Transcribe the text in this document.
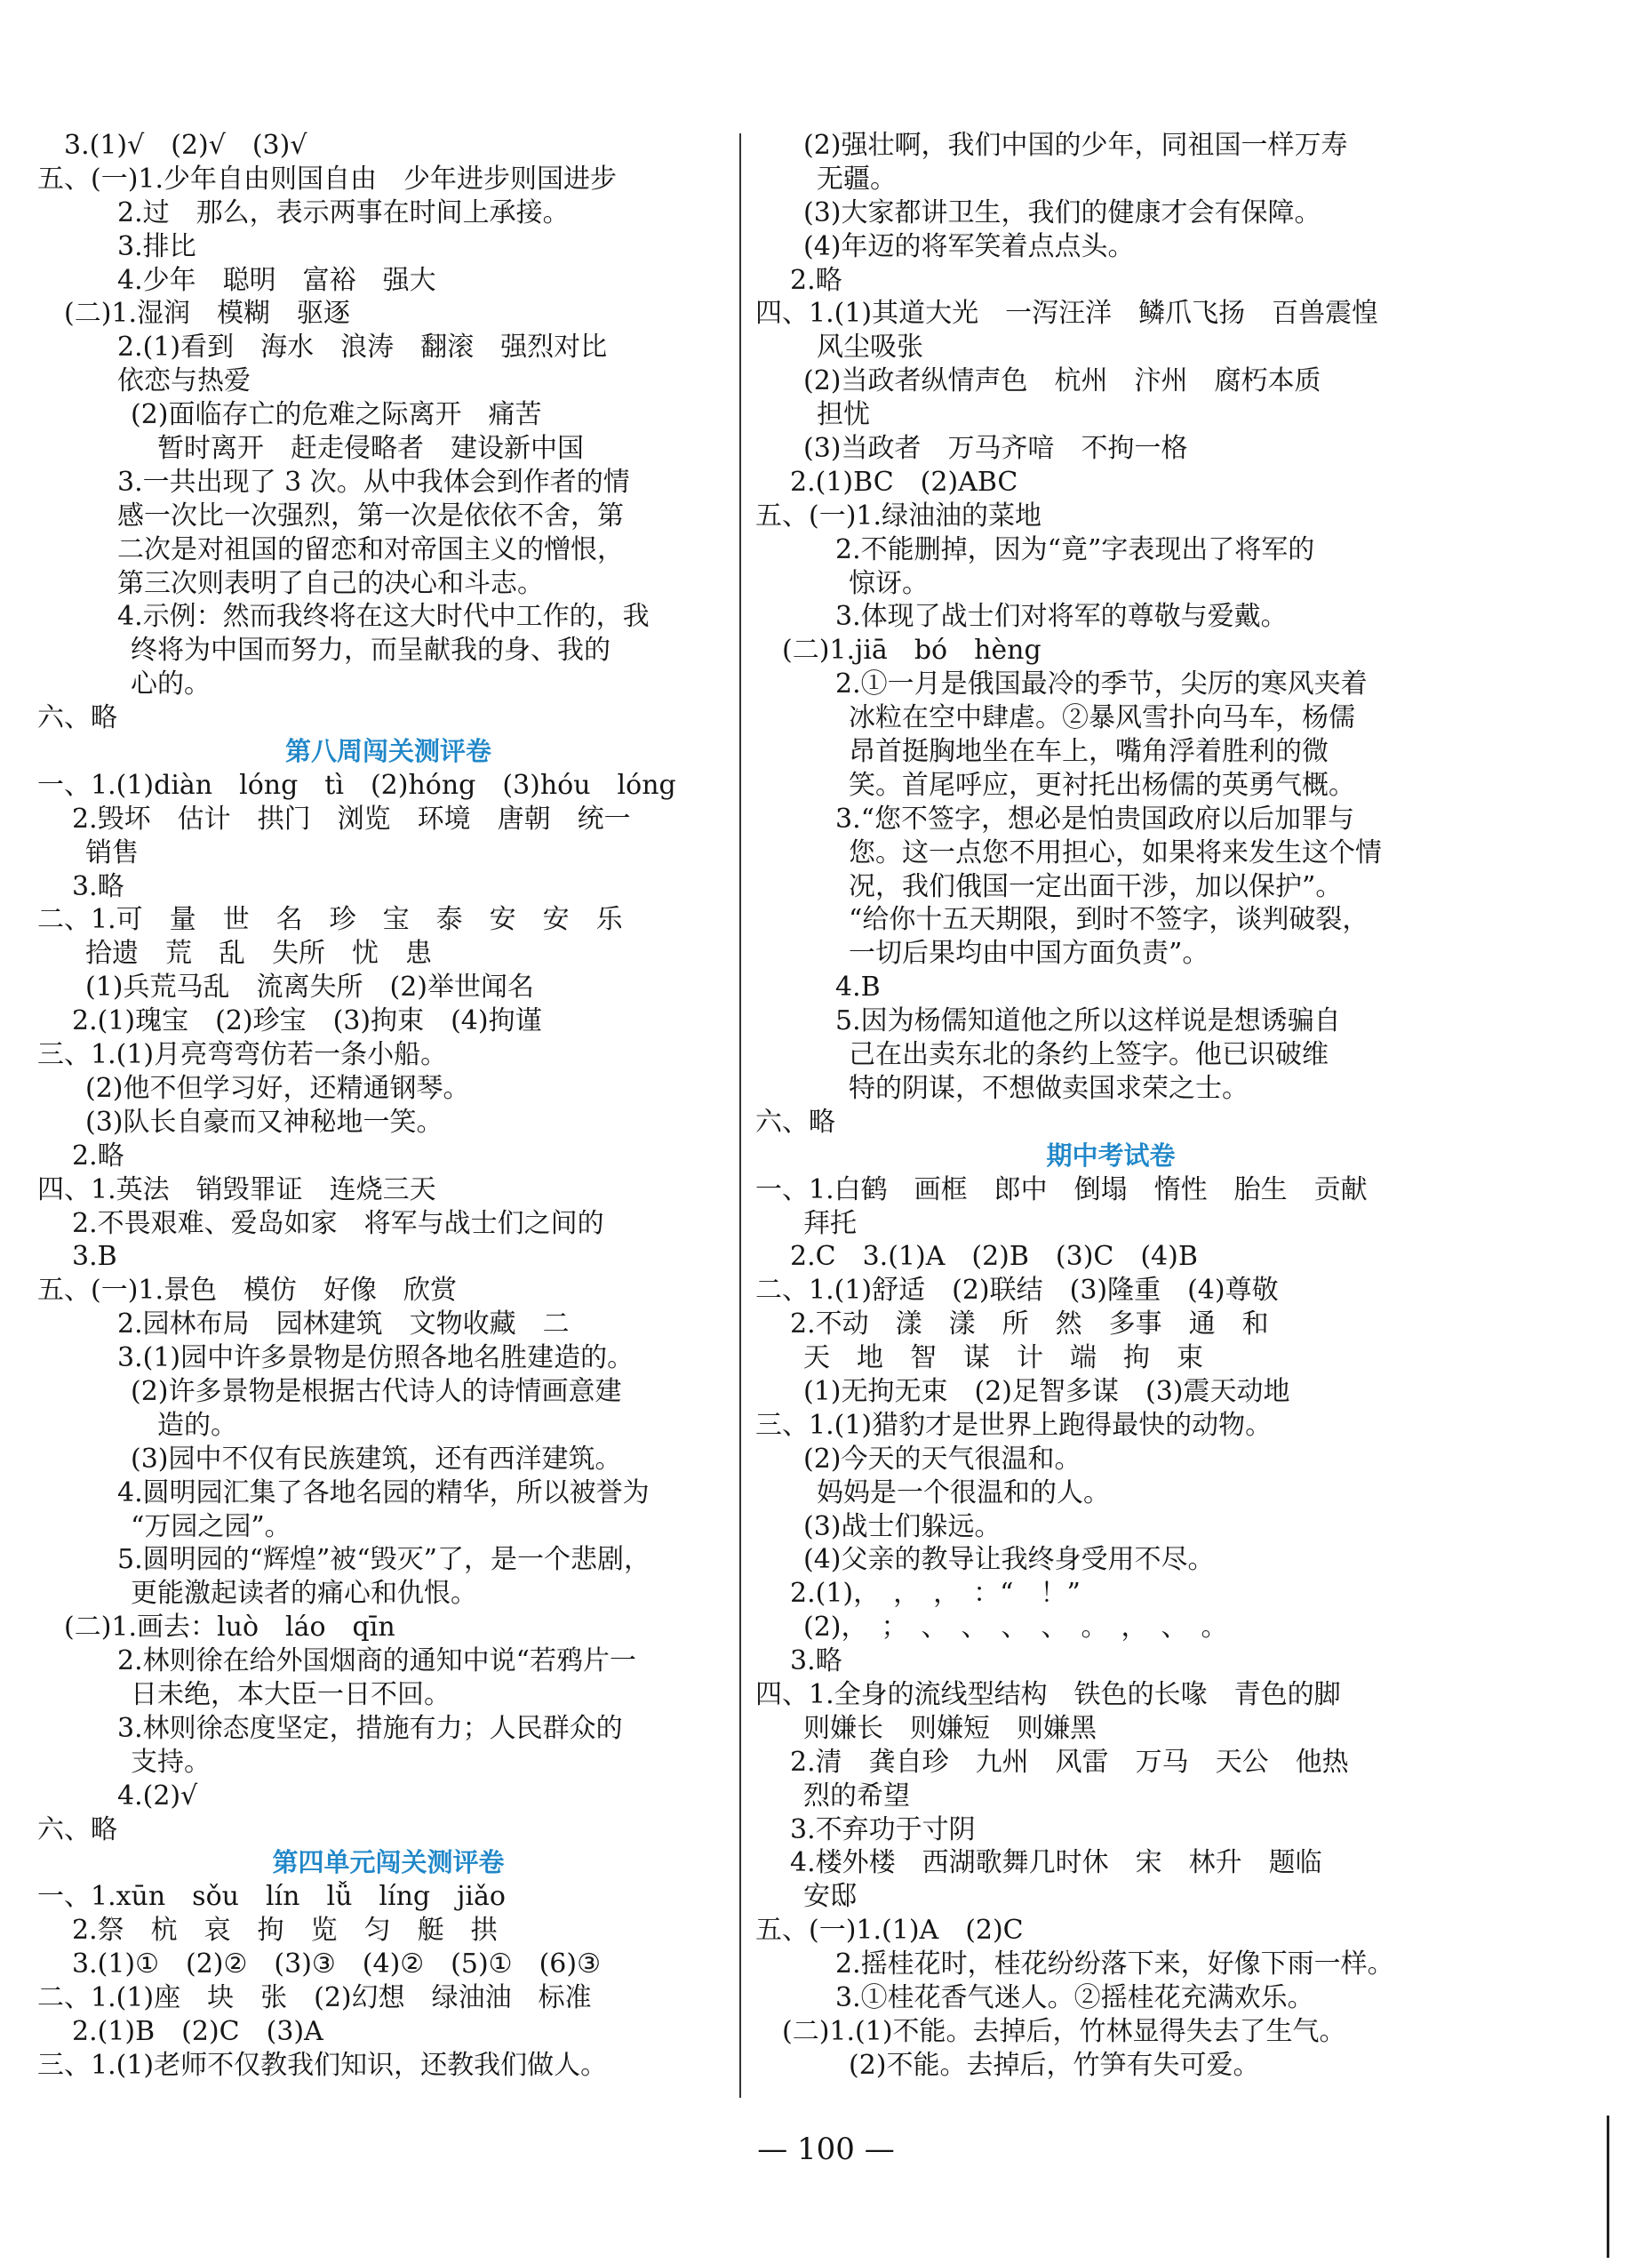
3.(1)√　(2)√　(3)√
五、(一)1.少年自由则国自由　少年进步则国进步
2.过　那么，表示两事在时间上承接。
3.排比
4.少年　聪明　富裕　强大
(二)1.湿润　模糊　驱逐
2.(1)看到　海水　浪涛　翻滚　强烈对比
依恋与热爱
(2)面临存亡的危难之际离开　痛苦
暂时离开　赶走侵略者　建设新中国
3.一共出现了 3 次。从中我体会到作者的情
感一次比一次强烈，第一次是依依不舍，第
二次是对祖国的留恋和对帝国主义的憎恨，
第三次则表明了自己的决心和斗志。
4.示例：然而我终将在这大时代中工作的，我
终将为中国而努力，而呈献我的身、我的
心的。
六、略
第八周闯关测评卷
一、1.(1)diàn　lóng　tì　(2)hóng　(3)hóu　lóng
2.毁坏　估计　拱门　浏览　环境　唐朝　统一
销售
3.略
二、1.可　量　世　名　珍　宝　泰　安　安　乐
拾遗　荒　乱　失所　忧　患
(1)兵荒马乱　流离失所　(2)举世闻名
2.(1)瑰宝　(2)珍宝　(3)拘束　(4)拘谨
三、1.(1)月亮弯弯仿若一条小船。
(2)他不但学习好，还精通钢琴。
(3)队长自豪而又神秘地一笑。
2.略
四、1.英法　销毁罪证　连烧三天
2.不畏艰难、爱岛如家　将军与战士们之间的
3.B
五、(一)1.景色　模仿　好像　欣赏
2.园林布局　园林建筑　文物收藏　二
3.(1)园中许多景物是仿照各地名胜建造的。
(2)许多景物是根据古代诗人的诗情画意建
造的。
(3)园中不仅有民族建筑，还有西洋建筑。
4.圆明园汇集了各地名园的精华，所以被誉为
“万园之园”。
5.圆明园的“辉煌”被“毁灭”了，是一个悲剧，
更能激起读者的痛心和仇恨。
(二)1.画去：luò　láo　qīn
2.林则徐在给外国烟商的通知中说“若鸦片一
日未绝，本大臣一日不回。
3.林则徐态度坚定，措施有力；人民群众的
支持。
4.(2)√
六、略
第四单元闯关测评卷
一、1.xūn　sǒu　lín　lǚ　líng　jiǎo
2.祭　杭　哀　拘　览　匀　艇　拱
3.(1)①　(2)②　(3)③　(4)②　(5)①　(6)③
二、1.(1)座　块　张　(2)幻想　绿油油　标准
2.(1)B　(2)C　(3)A
三、1.(1)老师不仅教我们知识，还教我们做人。
(2)强壮啊，我们中国的少年，同祖国一样万寿
无疆。
(3)大家都讲卫生，我们的健康才会有保障。
(4)年迈的将军笑着点点头。
2.略
四、1.(1)其道大光　一泻汪洋　鳞爪飞扬　百兽震惶
风尘吸张
(2)当政者纵情声色　杭州　汴州　腐朽本质
担忧
(3)当政者　万马齐喑　不拘一格
2.(1)BC　(2)ABC
五、(一)1.绿油油的菜地
2.不能删掉，因为“竟”字表现出了将军的
惊讶。
3.体现了战士们对将军的尊敬与爱戴。
(二)1.jiā　bó　hèng
2.①一月是俄国最冷的季节，尖厉的寒风夹着
冰粒在空中肆虐。②暴风雪扑向马车，杨儒
昂首挺胸地坐在车上，嘴角浮着胜利的微
笑。首尾呼应，更衬托出杨儒的英勇气概。
3.“您不签字，想必是怕贵国政府以后加罪与
您。这一点您不用担心，如果将来发生这个情
况，我们俄国一定出面干涉，加以保护”。
“给你十五天期限，到时不签字，谈判破裂，
一切后果均由中国方面负责”。
4.B
5.因为杨儒知道他之所以这样说是想诱骗自
己在出卖东北的条约上签字。他已识破维
特的阴谋，不想做卖国求荣之士。
六、略
期中考试卷
一、1.白鹤　画框　郎中　倒塌　惰性　胎生　贡献
拜托
2.C　3.(1)A　(2)B　(3)C　(4)B
二、1.(1)舒适　(2)联结　(3)隆重　(4)尊敬
2.不动　漾　漾　所　然　多事　通　和
天　地　智　谋　计　端　拘　束
(1)无拘无束　(2)足智多谋　(3)震天动地
三、1.(1)猎豹才是世界上跑得最快的动物。
(2)今天的天气很温和。
妈妈是一个很温和的人。
(3)战士们躲远。
(4)父亲的教导让我终身受用不尽。
2.(1)，　，　，　：“　！”
(2)，　；　、　、　、　、　。　，　、　。
3.略
四、1.全身的流线型结构　铁色的长喙　青色的脚
则嫌长　则嫌短　则嫌黑
2.清　龚自珍　九州　风雷　万马　天公　他热
烈的希望
3.不弃功于寸阴
4.楼外楼　西湖歌舞几时休　宋　林升　题临
安邸
五、(一)1.(1)A　(2)C
2.摇桂花时，桂花纷纷落下来，好像下雨一样。
3.①桂花香气迷人。②摇桂花充满欢乐。
(二)1.(1)不能。去掉后，竹林显得失去了生气。
(2)不能。去掉后，竹笋有失可爱。
— 100 —
